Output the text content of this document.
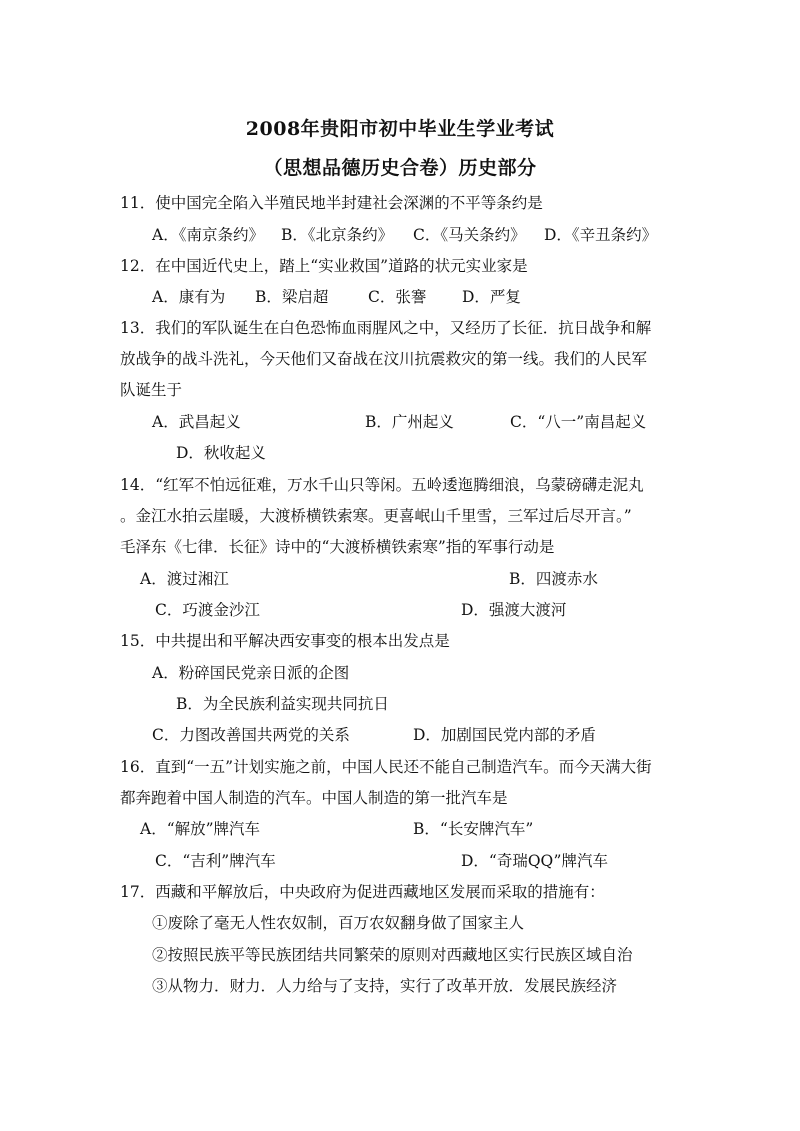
2008年贵阳市初中毕业生学业考试
（思想品德历史合卷）历史部分
11．使中国完全陷入半殖民地半封建社会深渊的不平等条约是
A．《南京条约》 B．《北京条约》 C．《马关条约》 D．《辛丑条约》
12．在中国近代史上，踏上“实业救国”道路的状元实业家是
A．康有为 B．梁启超	C．张謇 D．严复
13．我们的军队诞生在白色恐怖血雨腥风之中，又经历了长征．抗日战争和解
放战争的战斗洗礼，今天他们又奋战在汶川抗震救灾的第一线。我们的人民军
队诞生于
A．武昌起义	B．广州起义	C．“八一”南昌起义
D．秋收起义
14．“红军不怕远征难，万水千山只等闲。五岭逶迤腾细浪，乌蒙磅礴走泥丸
。金江水拍云崖暖，大渡桥横铁索寒。更喜岷山千里雪，三军过后尽开言。”
毛泽东《七律．长征》诗中的“大渡桥横铁索寒”指的军事行动是
A．渡过湘江	B．四渡赤水
C．巧渡金沙江	D．强渡大渡河
15．中共提出和平解决西安事变的根本出发点是
A．粉碎国民党亲日派的企图
B．为全民族利益实现共同抗日
C．力图改善国共两党的关系	D．加剧国民党内部的矛盾
16．直到“一五”计划实施之前，中国人民还不能自己制造汽车。而今天满大街
都奔跑着中国人制造的汽车。中国人制造的第一批汽车是
A．“解放”牌汽车	B．“长安牌汽车”
C．“吉利”牌汽车	D．“奇瑞QQ”牌汽车
17．西藏和平解放后，中央政府为促进西藏地区发展而采取的措施有：
①废除了毫无人性农奴制，百万农奴翻身做了国家主人
②按照民族平等民族团结共同繁荣的原则对西藏地区实行民族区域自治
③从物力．财力．人力给与了支持，实行了改革开放．发展民族经济
